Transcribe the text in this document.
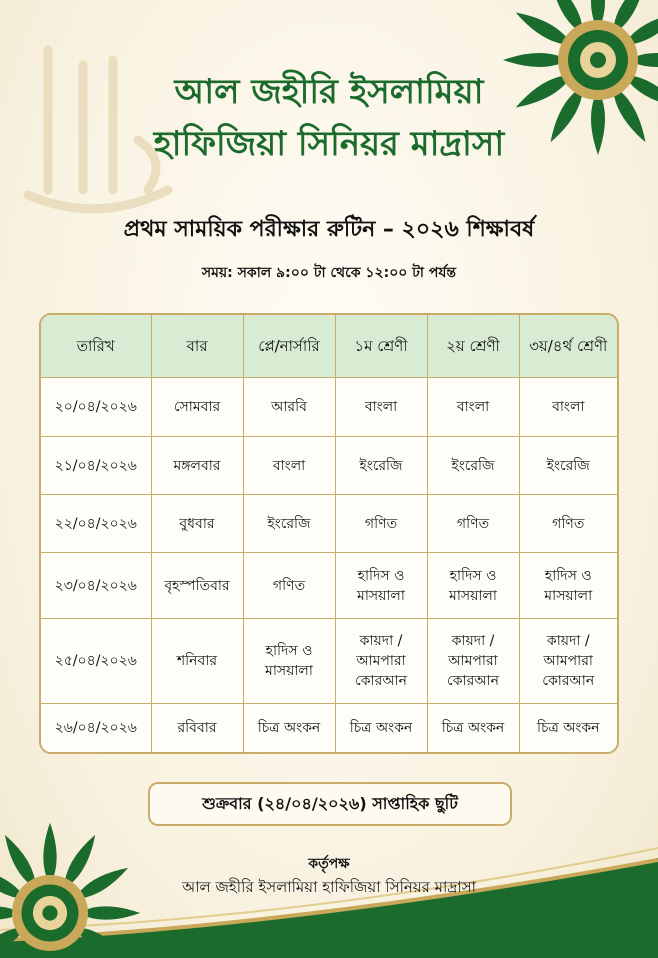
আল জহীরি ইসলামিয়া
হাফিজিয়া সিনিয়র মাদ্রাসা
প্রথম সাময়িক পরীক্ষার রুটিন – ২০২৬ শিক্ষাবর্ষ
সময়: সকাল ৯:০০ টা থেকে ১২:০০ টা পর্যন্ত
তারিখ	বার	প্লে/নার্সারি	১ম শ্রেণী	২য় শ্রেণী	৩য়/৪র্থ শ্রেণী
২০/০৪/২০২৬	সোমবার	আরবি	বাংলা	বাংলা	বাংলা
২১/০৪/২০২৬	মঙ্গলবার	বাংলা	ইংরেজি	ইংরেজি	ইংরেজি
২২/০৪/২০২৬	বুধবার	ইংরেজি	গণিত	গণিত	গণিত
২৩/০৪/২০২৬	বৃহস্পতিবার	গণিত	হাদিস ও মাসয়ালা	হাদিস ও মাসয়ালা	হাদিস ও মাসয়ালা
২৫/০৪/২০২৬	শনিবার	হাদিস ও মাসয়ালা	কায়দা / আমপারা কোরআন	কায়দা / আমপারা কোরআন	কায়দা / আমপারা কোরআন
২৬/০৪/২০২৬	রবিবার	চিত্র অংকন	চিত্র অংকন	চিত্র অংকন	চিত্র অংকন
শুক্রবার (২৪/০৪/২০২৬) সাপ্তাহিক ছুটি
কর্তৃপক্ষ
আল জহীরি ইসলামিয়া হাফিজিয়া সিনিয়র মাদ্রাসা
